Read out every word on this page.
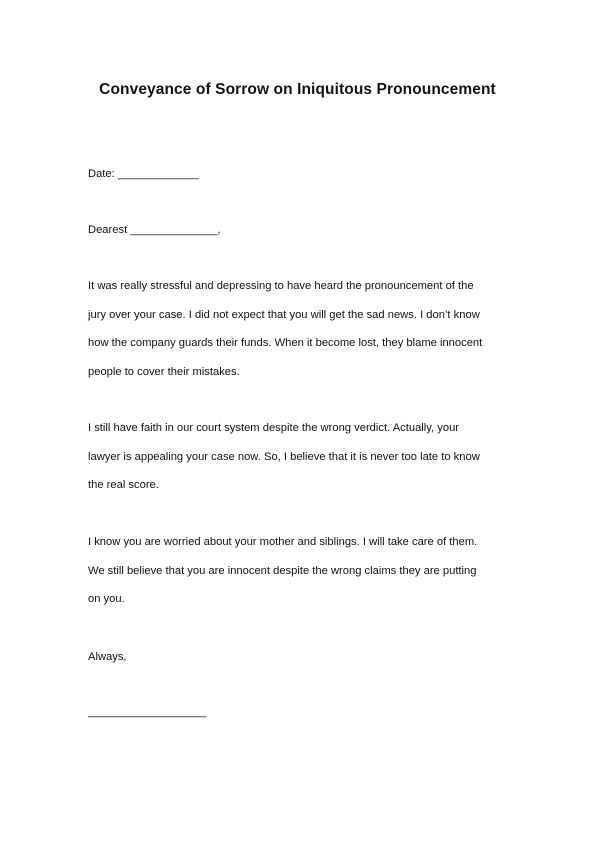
Conveyance of Sorrow on Iniquitous Pronouncement
Date: _____________
Dearest ______________,
It was really stressful and depressing to have heard the pronouncement of the
jury over your case. I did not expect that you will get the sad news. I don’t know
how the company guards their funds. When it become lost, they blame innocent
people to cover their mistakes.
I still have faith in our court system despite the wrong verdict. Actually, your
lawyer is appealing your case now. So, I believe that it is never too late to know
the real score.
I know you are worried about your mother and siblings. I will take care of them.
We still believe that you are innocent despite the wrong claims they are putting
on you.
Always,
___________________
